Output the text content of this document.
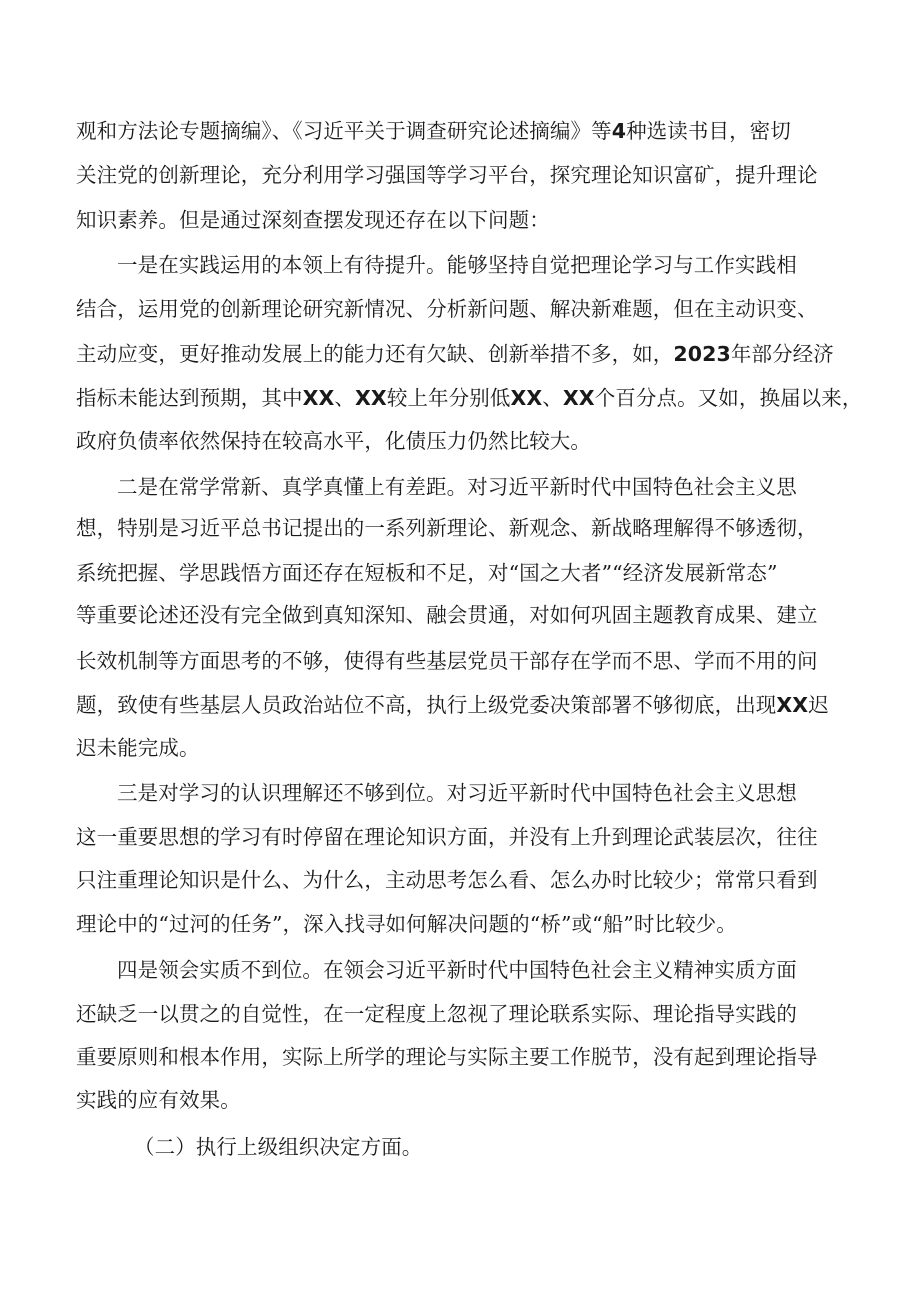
观和方法论专题摘编》、《习近平关于调查研究论述摘编》等4种选读书目，密切
关注党的创新理论，充分利用学习强国等学习平台，探究理论知识富矿，提升理论
知识素养。但是通过深刻查摆发现还存在以下问题：
一是在实践运用的本领上有待提升。能够坚持自觉把理论学习与工作实践相
结合，运用党的创新理论研究新情况、分析新问题、解决新难题，但在主动识变、
主动应变，更好推动发展上的能力还有欠缺、创新举措不多，如，2023年部分经济
指标未能达到预期，其中XX、XX较上年分别低XX、XX个百分点。又如，换届以来，
政府负债率依然保持在较高水平，化债压力仍然比较大。
二是在常学常新、真学真懂上有差距。对习近平新时代中国特色社会主义思
想，特别是习近平总书记提出的一系列新理论、新观念、新战略理解得不够透彻，
系统把握、学思践悟方面还存在短板和不足，对“国之大者”“经济发展新常态”
等重要论述还没有完全做到真知深知、融会贯通，对如何巩固主题教育成果、建立
长效机制等方面思考的不够，使得有些基层党员干部存在学而不思、学而不用的问
题，致使有些基层人员政治站位不高，执行上级党委决策部署不够彻底，出现XX迟
迟未能完成。
三是对学习的认识理解还不够到位。对习近平新时代中国特色社会主义思想
这一重要思想的学习有时停留在理论知识方面，并没有上升到理论武装层次，往往
只注重理论知识是什么、为什么，主动思考怎么看、怎么办时比较少；常常只看到
理论中的“过河的任务”，深入找寻如何解决问题的“桥”或“船”时比较少。
四是领会实质不到位。在领会习近平新时代中国特色社会主义精神实质方面
还缺乏一以贯之的自觉性，在一定程度上忽视了理论联系实际、理论指导实践的
重要原则和根本作用，实际上所学的理论与实际主要工作脱节，没有起到理论指导
实践的应有效果。
（二）执行上级组织决定方面。
